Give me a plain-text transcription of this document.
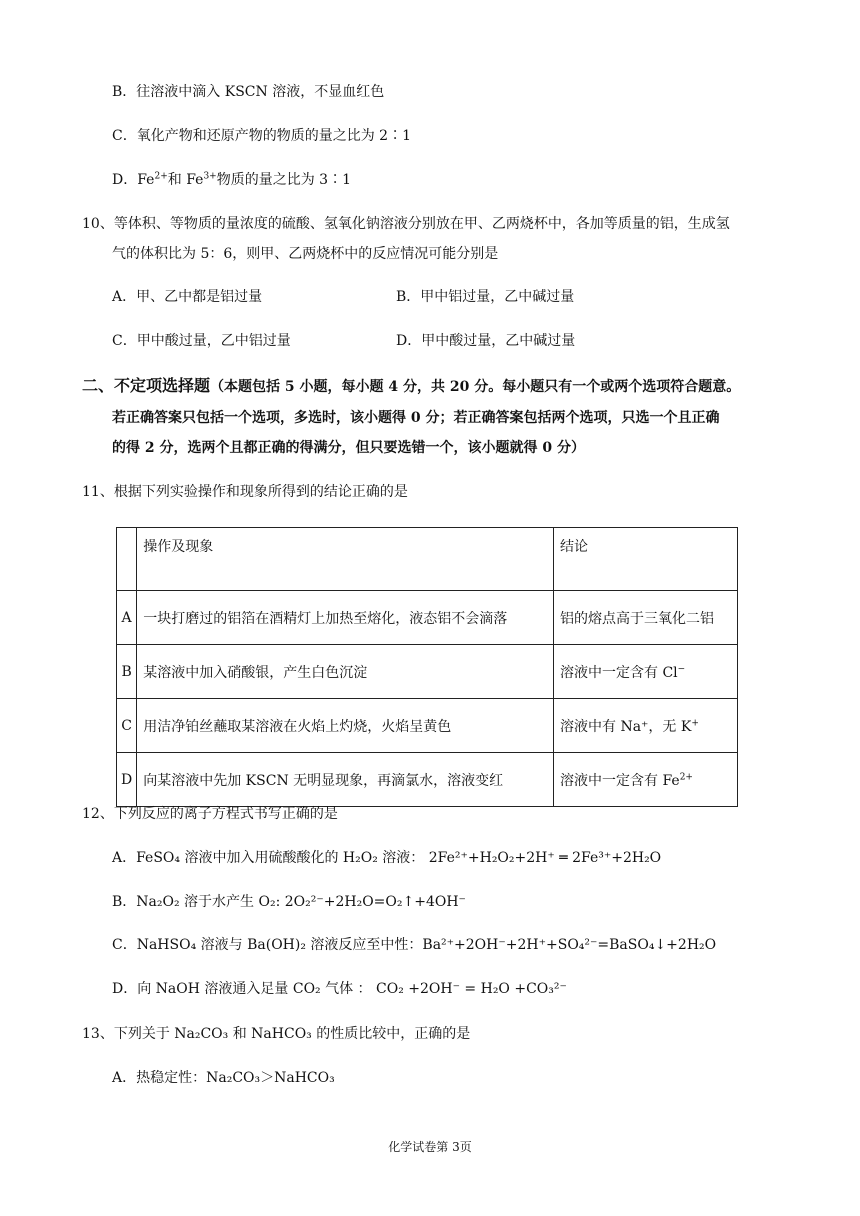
B．往溶液中滴入 KSCN 溶液，不显血红色
C．氧化产物和还原产物的物质的量之比为 2∶1
D．$Fe^{2+}$和 $Fe^{3+}$物质的量之比为 3∶1
10、等体积、等物质的量浓度的硫酸、氢氧化钠溶液分别放在甲、乙两烧杯中，各加等质量的铝，生成氢
气的体积比为 5：6，则甲、乙两烧杯中的反应情况可能分别是
A．甲、乙中都是铝过量	B．甲中铝过量，乙中碱过量
C．甲中酸过量，乙中铝过量	D．甲中酸过量，乙中碱过量
二、不定项选择题（本题包括 5 小题，每小题 4 分，共 20 分。每小题只有一个或两个选项符合题意。
若正确答案只包括一个选项，多选时，该小题得 0 分；若正确答案包括两个选项，只选一个且正确
的得 2 分，选两个且都正确的得满分，但只要选错一个，该小题就得 0 分）
11、根据下列实验操作和现象所得到的结论正确的是
	操作及现象	结论
A	一块打磨过的铝箔在酒精灯上加热至熔化，液态铝不会滴落	铝的熔点高于三氧化二铝
B	某溶液中加入硝酸银，产生白色沉淀	溶液中一定含有 Cl−
C	用洁净铂丝蘸取某溶液在火焰上灼烧，火焰呈黄色	溶液中有 Na⁺，无 K+
D	向某溶液中先加 KSCN 无明显现象，再滴氯水，溶液变红	溶液中一定含有 $Fe^{2+}$
12、下列反应的离子方程式书写正确的是
A．FeSO₄ 溶液中加入用硫酸酸化的 H₂O₂ 溶液： 2Fe²⁺+H₂O₂+2H⁺ ═ 2Fe³⁺+2H₂O
B．Na₂O₂ 溶于水产生 O₂: 2O₂²⁻+2H₂O=O₂↑+4OH⁻
C．NaHSO₄ 溶液与 Ba(OH)₂ 溶液反应至中性：Ba²⁺+2OH⁻+2H⁺+SO₄²⁻=BaSO₄↓+2H₂O
D．向 NaOH 溶液通入足量 CO₂ 气体 ： CO₂ +2OH⁻ = H₂O +CO₃²⁻
13、下列关于 Na₂CO₃ 和 NaHCO₃ 的性质比较中，正确的是
A．热稳定性：Na₂CO₃＞NaHCO₃
化学试卷第 3页
